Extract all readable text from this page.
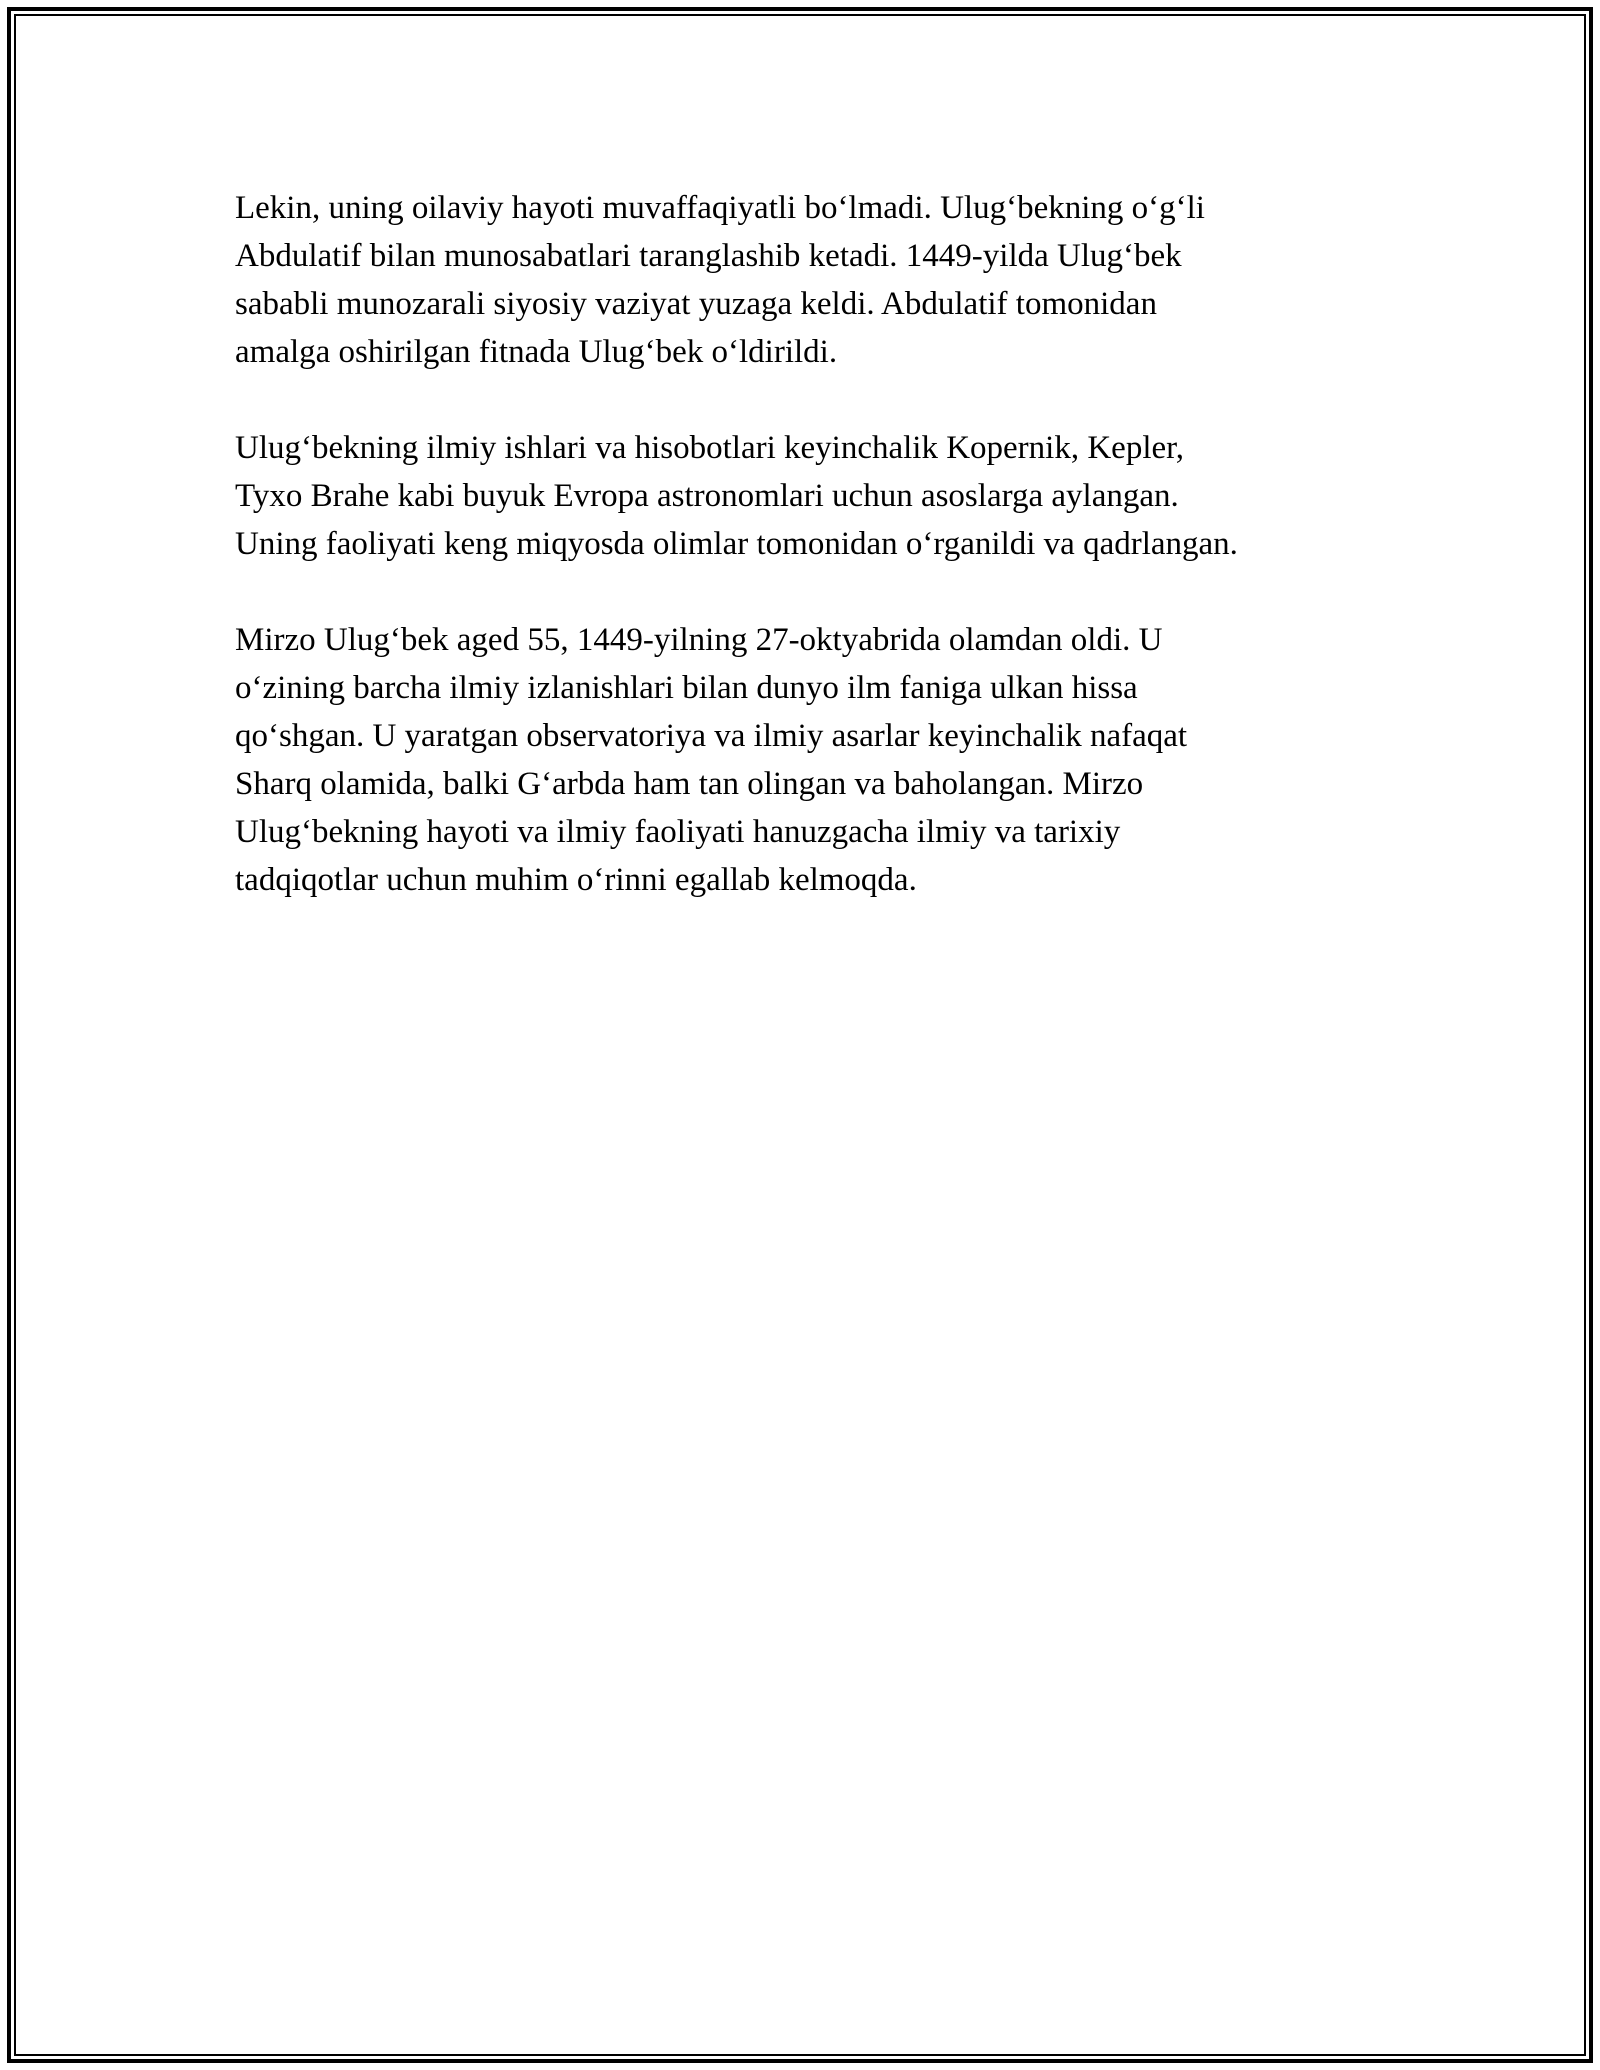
Lekin, uning oilaviy hayoti muvaffaqiyatli bo‘lmadi. Ulug‘bekning o‘g‘li
Abdulatif bilan munosabatlari taranglashib ketadi. 1449-yilda Ulug‘bek
sababli munozarali siyosiy vaziyat yuzaga keldi. Abdulatif tomonidan
amalga oshirilgan fitnada Ulug‘bek o‘ldirildi.

Ulug‘bekning ilmiy ishlari va hisobotlari keyinchalik Kopernik, Kepler,
Tyxo Brahe kabi buyuk Evropa astronomlari uchun asoslarga aylangan.
Uning faoliyati keng miqyosda olimlar tomonidan o‘rganildi va qadrlangan.

Mirzo Ulug‘bek aged 55, 1449-yilning 27-oktyabrida olamdan oldi. U
o‘zining barcha ilmiy izlanishlari bilan dunyo ilm faniga ulkan hissa
qo‘shgan. U yaratgan observatoriya va ilmiy asarlar keyinchalik nafaqat
Sharq olamida, balki G‘arbda ham tan olingan va baholangan. Mirzo
Ulug‘bekning hayoti va ilmiy faoliyati hanuzgacha ilmiy va tarixiy
tadqiqotlar uchun muhim o‘rinni egallab kelmoqda.
